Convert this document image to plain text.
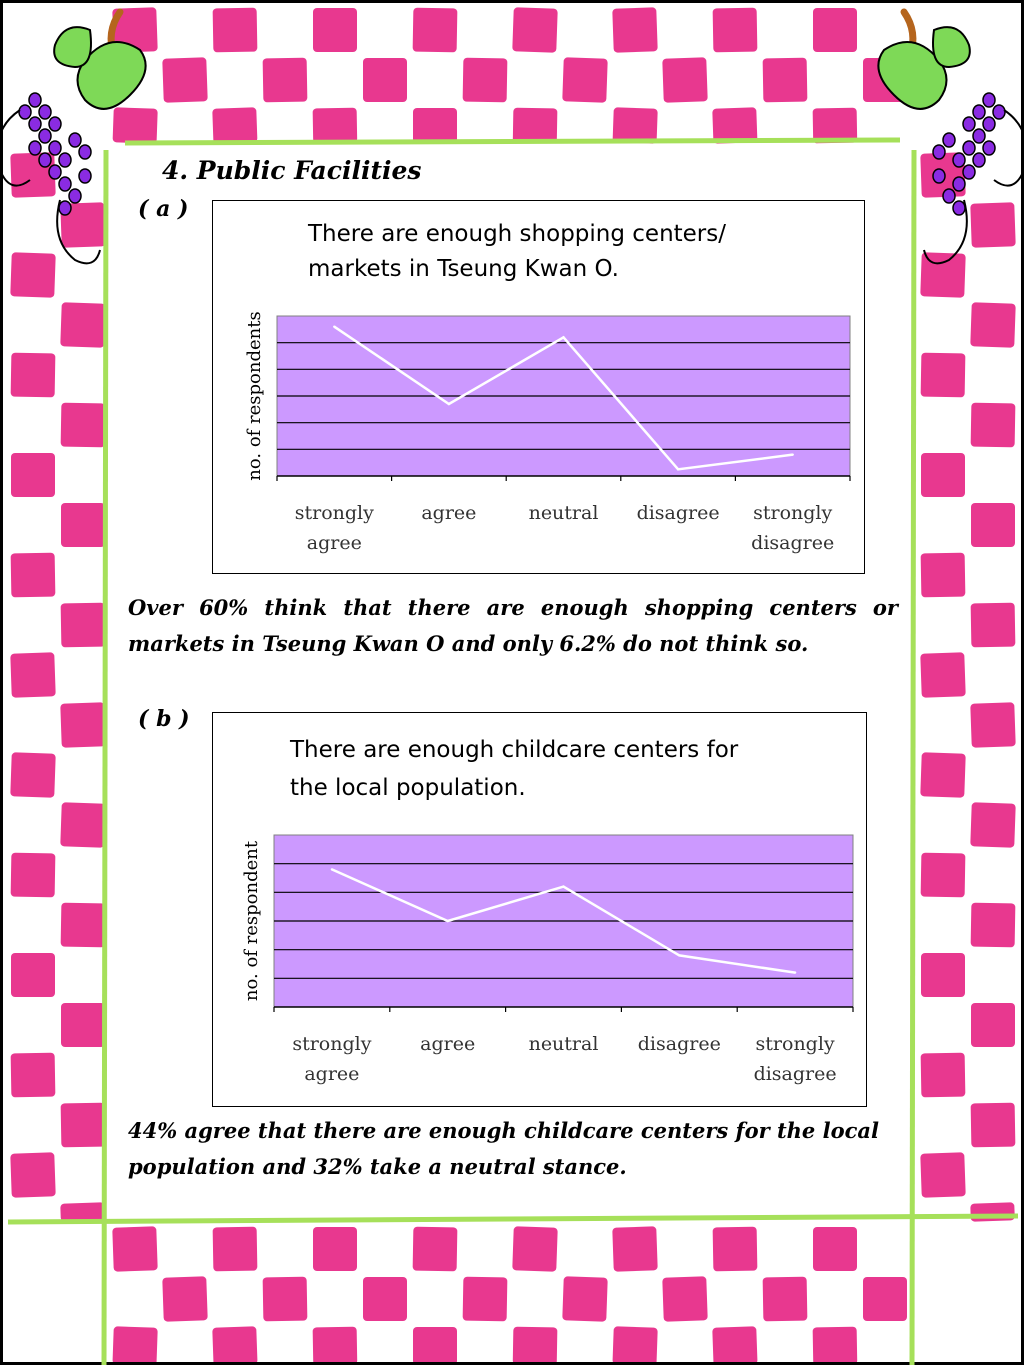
4. Public Facilities
( a )
There are enough shopping centers/
markets in Tseung Kwan O.
strongly agree
agree	neutral disagree strongly disagree
no. of respondents
Over 60% think that there are enough shopping centers or markets in Tseung Kwan O and only 6.2% do not think so.
( b )
There are enough childcare centers for
the local population.
strongly agree
agree	neutral disagree strongly disagree
no. of respondent
44% agree that there are enough childcare centers for the local population and 32% take a neutral stance.
